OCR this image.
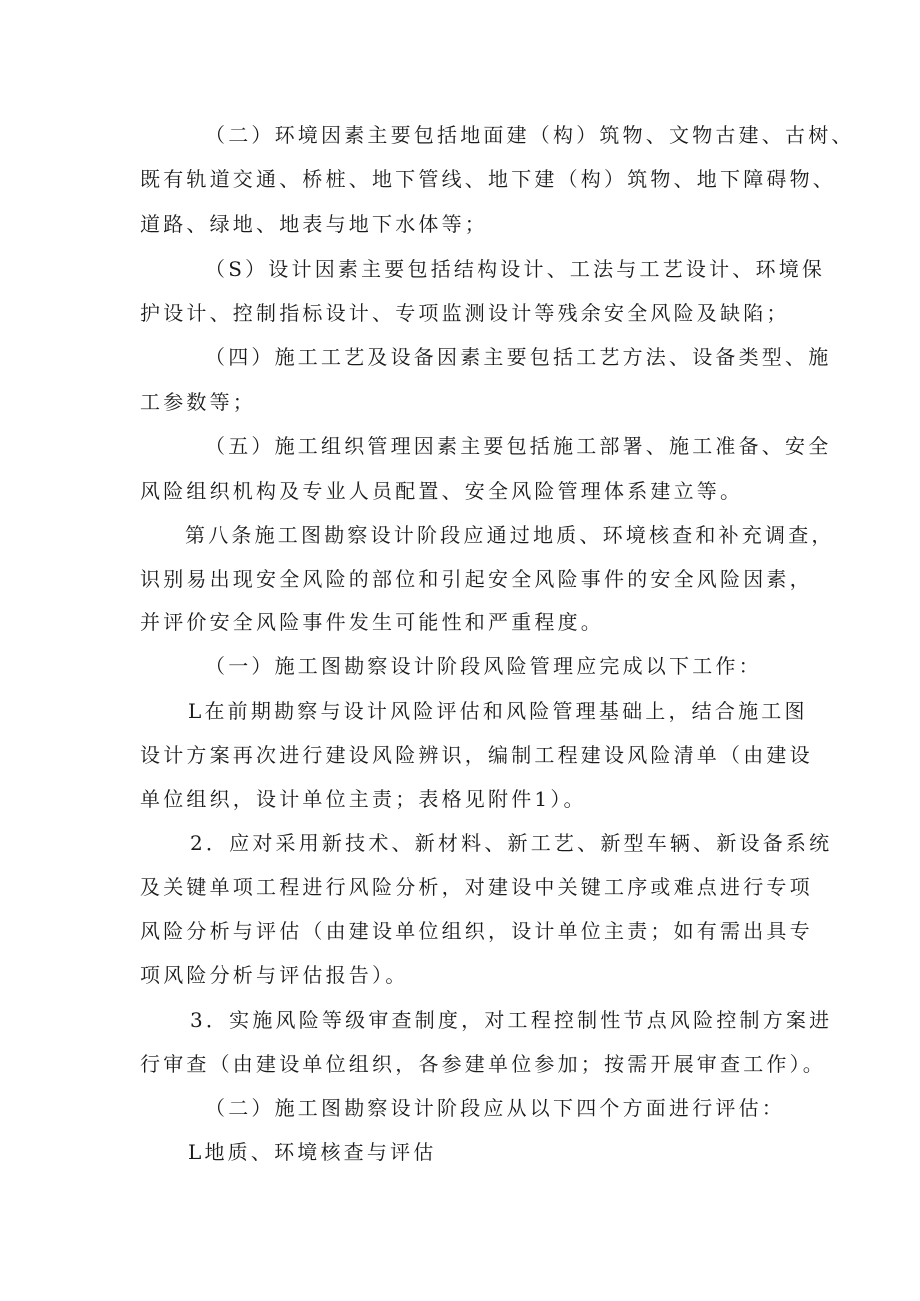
（二）环境因素主要包括地面建（构）筑物、文物古建、古树、
既有轨道交通、桥桩、地下管线、地下建（构）筑物、地下障碍物、
道路、绿地、地表与地下水体等；
（S）设计因素主要包括结构设计、工法与工艺设计、环境保
护设计、控制指标设计、专项监测设计等残余安全风险及缺陷；
（四）施工工艺及设备因素主要包括工艺方法、设备类型、施
工参数等；
（五）施工组织管理因素主要包括施工部署、施工准备、安全
风险组织机构及专业人员配置、安全风险管理体系建立等。
第八条施工图勘察设计阶段应通过地质、环境核查和补充调查，
识别易出现安全风险的部位和引起安全风险事件的安全风险因素，
并评价安全风险事件发生可能性和严重程度。
（一）施工图勘察设计阶段风险管理应完成以下工作：
L在前期勘察与设计风险评估和风险管理基础上，结合施工图
设计方案再次进行建设风险辨识，编制工程建设风险清单（由建设
单位组织，设计单位主责；表格见附件1）。
2．应对采用新技术、新材料、新工艺、新型车辆、新设备系统
及关键单项工程进行风险分析，对建设中关键工序或难点进行专项
风险分析与评估（由建设单位组织，设计单位主责；如有需出具专
项风险分析与评估报告）。
3．实施风险等级审查制度，对工程控制性节点风险控制方案进
行审查（由建设单位组织，各参建单位参加；按需开展审查工作）。
（二）施工图勘察设计阶段应从以下四个方面进行评估：
L地质、环境核查与评估
